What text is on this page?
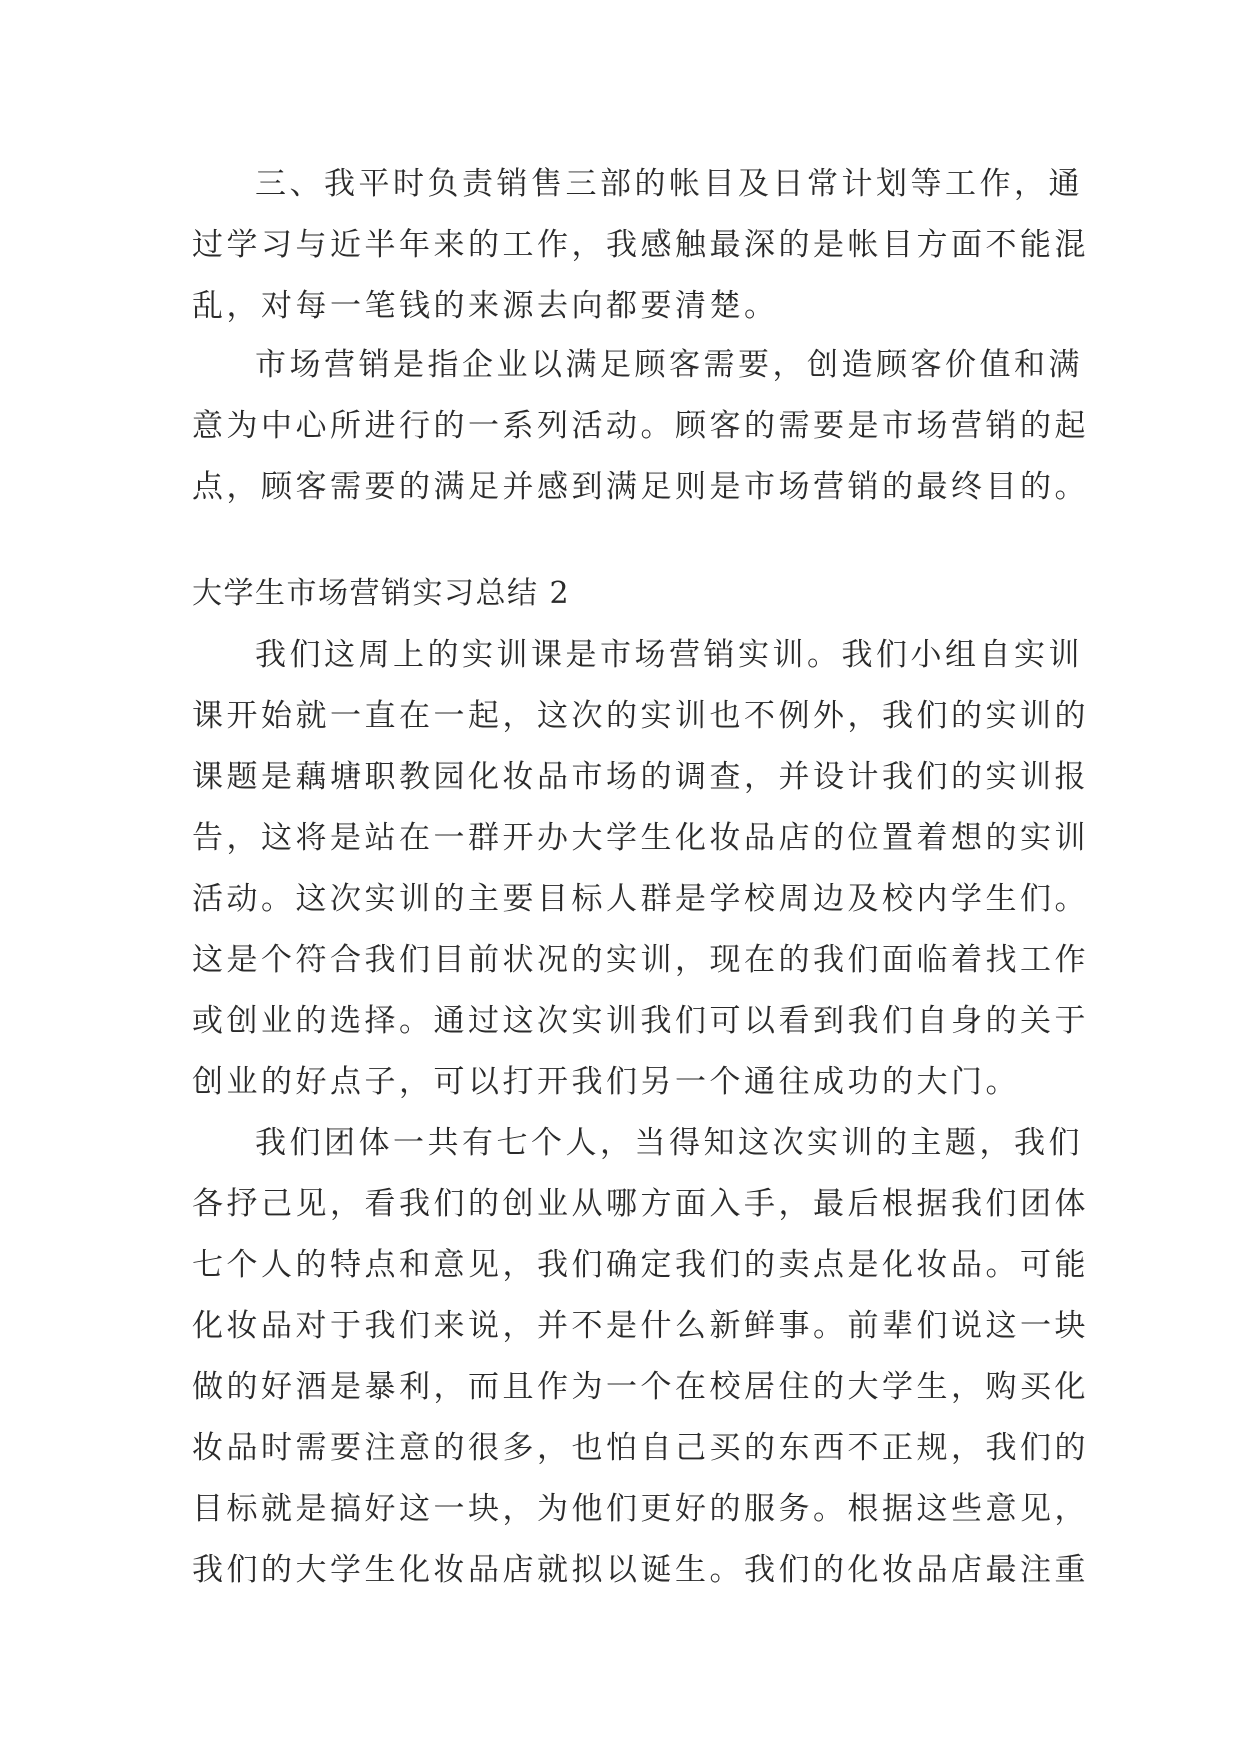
三、我平时负责销售三部的帐目及日常计划等工作，通
过学习与近半年来的工作，我感触最深的是帐目方面不能混
乱，对每一笔钱的来源去向都要清楚。
市场营销是指企业以满足顾客需要，创造顾客价值和满
意为中心所进行的一系列活动。顾客的需要是市场营销的起
点，顾客需要的满足并感到满足则是市场营销的最终目的。
大学生市场营销实习总结 2
我们这周上的实训课是市场营销实训。我们小组自实训
课开始就一直在一起，这次的实训也不例外，我们的实训的
课题是藕塘职教园化妆品市场的调查，并设计我们的实训报
告，这将是站在一群开办大学生化妆品店的位置着想的实训
活动。这次实训的主要目标人群是学校周边及校内学生们。
这是个符合我们目前状况的实训，现在的我们面临着找工作
或创业的选择。通过这次实训我们可以看到我们自身的关于
创业的好点子，可以打开我们另一个通往成功的大门。
我们团体一共有七个人，当得知这次实训的主题，我们
各抒己见，看我们的创业从哪方面入手，最后根据我们团体
七个人的特点和意见，我们确定我们的卖点是化妆品。可能
化妆品对于我们来说，并不是什么新鲜事。前辈们说这一块
做的好酒是暴利，而且作为一个在校居住的大学生，购买化
妆品时需要注意的很多，也怕自己买的东西不正规，我们的
目标就是搞好这一块，为他们更好的服务。根据这些意见，
我们的大学生化妆品店就拟以诞生。我们的化妆品店最注重
